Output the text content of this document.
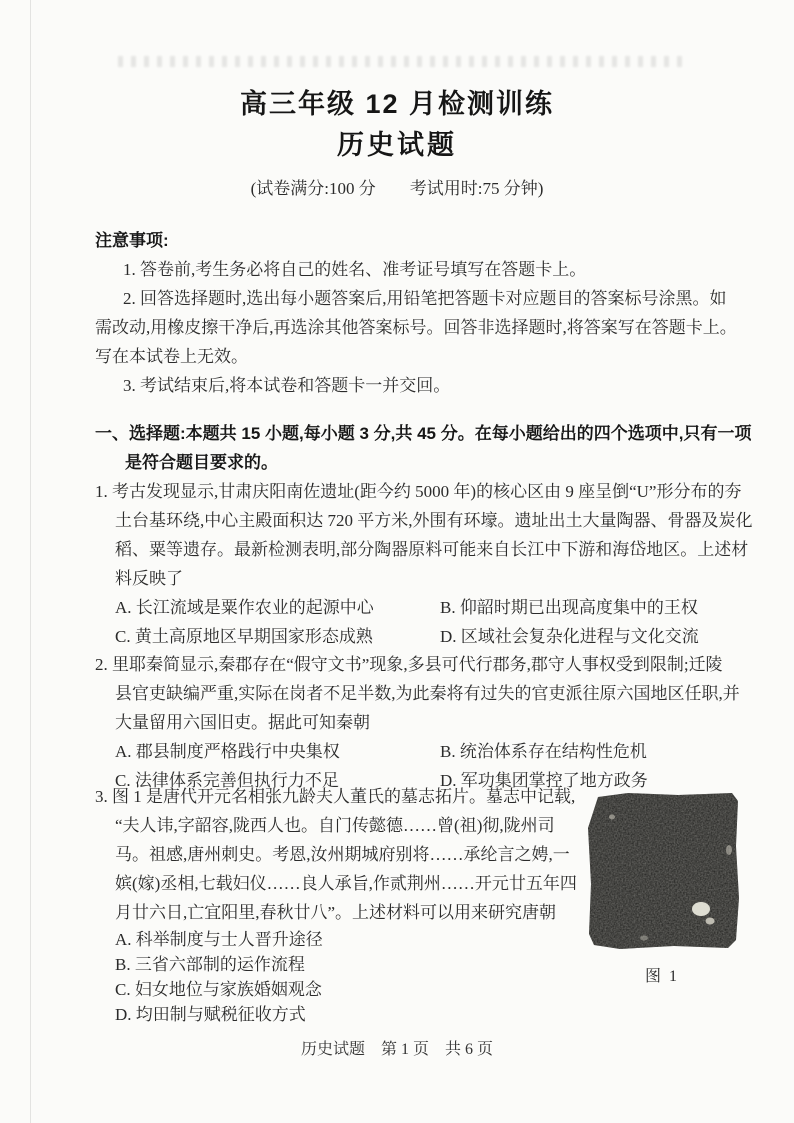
高三年级 12 月检测训练
历史试题
(试卷满分:100 分　　考试用时:75 分钟)
注意事项:
1. 答卷前,考生务必将自己的姓名、准考证号填写在答题卡上。
2. 回答选择题时,选出每小题答案后,用铅笔把答题卡对应题目的答案标号涂黑。如
需改动,用橡皮擦干净后,再选涂其他答案标号。回答非选择题时,将答案写在答题卡上。
写在本试卷上无效。
3. 考试结束后,将本试卷和答题卡一并交回。
一、选择题:本题共 15 小题,每小题 3 分,共 45 分。在每小题给出的四个选项中,只有一项
是符合题目要求的。
1. 考古发现显示,甘肃庆阳南佐遗址(距今约 5000 年)的核心区由 9 座呈倒“U”形分布的夯
土台基环绕,中心主殿面积达 720 平方米,外围有环壕。遗址出土大量陶器、骨器及炭化
稻、粟等遗存。最新检测表明,部分陶器原料可能来自长江中下游和海岱地区。上述材
料反映了
A. 长江流域是粟作农业的起源中心	B. 仰韶时期已出现高度集中的王权
C. 黄土高原地区早期国家形态成熟	D. 区域社会复杂化进程与文化交流
2. 里耶秦简显示,秦郡存在“假守文书”现象,多县可代行郡务,郡守人事权受到限制;迁陵
县官吏缺编严重,实际在岗者不足半数,为此秦将有过失的官吏派往原六国地区任职,并
大量留用六国旧吏。据此可知秦朝
A. 郡县制度严格践行中央集权	B. 统治体系存在结构性危机
C. 法律体系完善但执行力不足	D. 军功集团掌控了地方政务
3. 图 1 是唐代开元名相张九龄夫人董氏的墓志拓片。墓志中记载,
“夫人讳,字韶容,陇西人也。自门传懿德……曾(祖)彻,陇州司
马。祖感,唐州刺史。考恩,汝州期城府别将……承纶言之娉,一
嫔(嫁)丞相,七载妇仪……良人承旨,作贰荆州……开元廿五年四
月廿六日,亡宜阳里,春秋廿八”。上述材料可以用来研究唐朝
A. 科举制度与士人晋升途径
B. 三省六部制的运作流程
C. 妇女地位与家族婚姻观念
D. 均田制与赋税征收方式
图 1
历史试题　第 1 页　共 6 页
